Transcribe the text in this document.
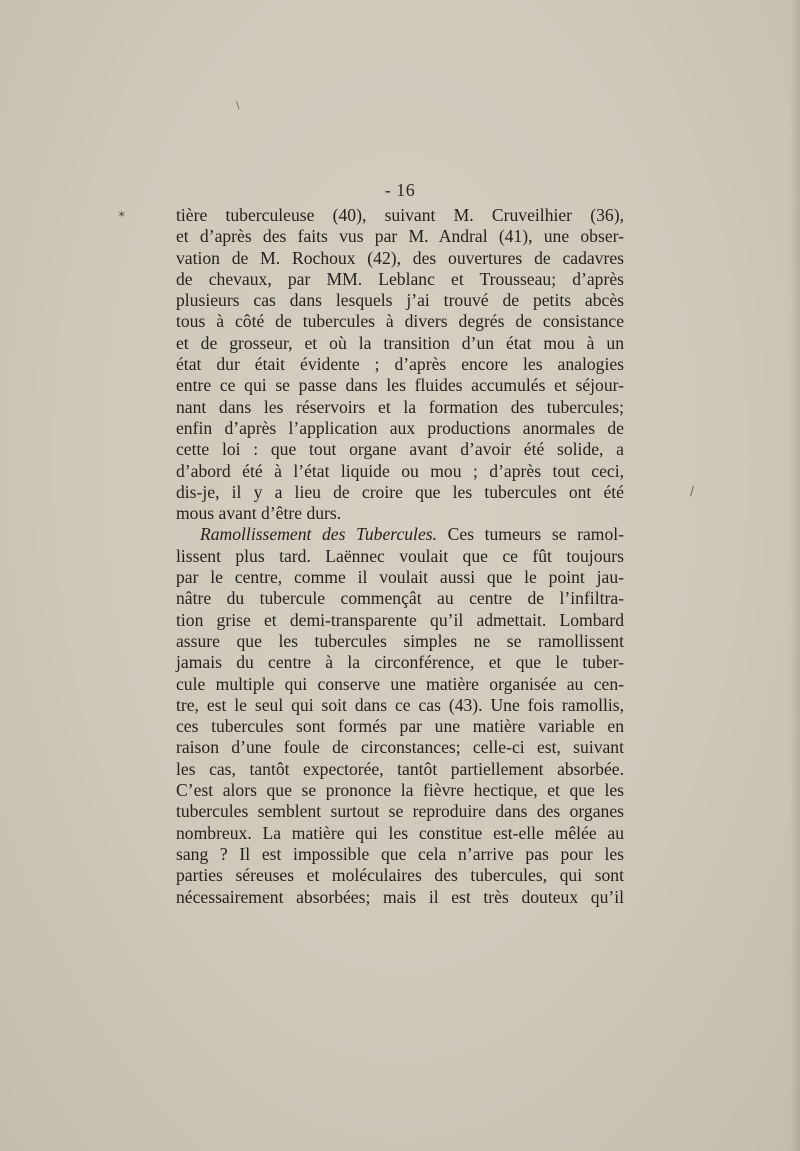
✶
\
/
- 16
tière tuberculeuse (40), suivant M. Cruveilhier (36),
et d’après des faits vus par M. Andral (41), une obser-
vation de M. Rochoux (42), des ouvertures de cadavres
de chevaux, par MM. Leblanc et Trousseau; d’après
plusieurs cas dans lesquels j’ai trouvé de petits abcès
tous à côté de tubercules à divers degrés de consistance
et de grosseur, et où la transition d’un état mou à un
état dur était évidente ; d’après encore les analogies
entre ce qui se passe dans les fluides accumulés et séjour-
nant dans les réservoirs et la formation des tubercules;
enfin d’après l’application aux productions anormales de
cette loi : que tout organe avant d’avoir été solide, a
d’abord été à l’état liquide ou mou ; d’après tout ceci,
dis-je, il y a lieu de croire que les tubercules ont été
mous avant d’être durs.
Ramollissement des Tubercules. Ces tumeurs se ramol-
lissent plus tard. Laënnec voulait que ce fût toujours
par le centre, comme il voulait aussi que le point jau-
nâtre du tubercule commençât au centre de l’infiltra-
tion grise et demi-transparente qu’il admettait. Lombard
assure que les tubercules simples ne se ramollissent
jamais du centre à la circonférence, et que le tuber-
cule multiple qui conserve une matière organisée au cen-
tre, est le seul qui soit dans ce cas (43). Une fois ramollis,
ces tubercules sont formés par une matière variable en
raison d’une foule de circonstances; celle-ci est, suivant
les cas, tantôt expectorée, tantôt partiellement absorbée.
C’est alors que se prononce la fièvre hectique, et que les
tubercules semblent surtout se reproduire dans des organes
nombreux. La matière qui les constitue est-elle mêlée au
sang ? Il est impossible que cela n’arrive pas pour les
parties séreuses et moléculaires des tubercules, qui sont
nécessairement absorbées; mais il est très douteux qu’il
